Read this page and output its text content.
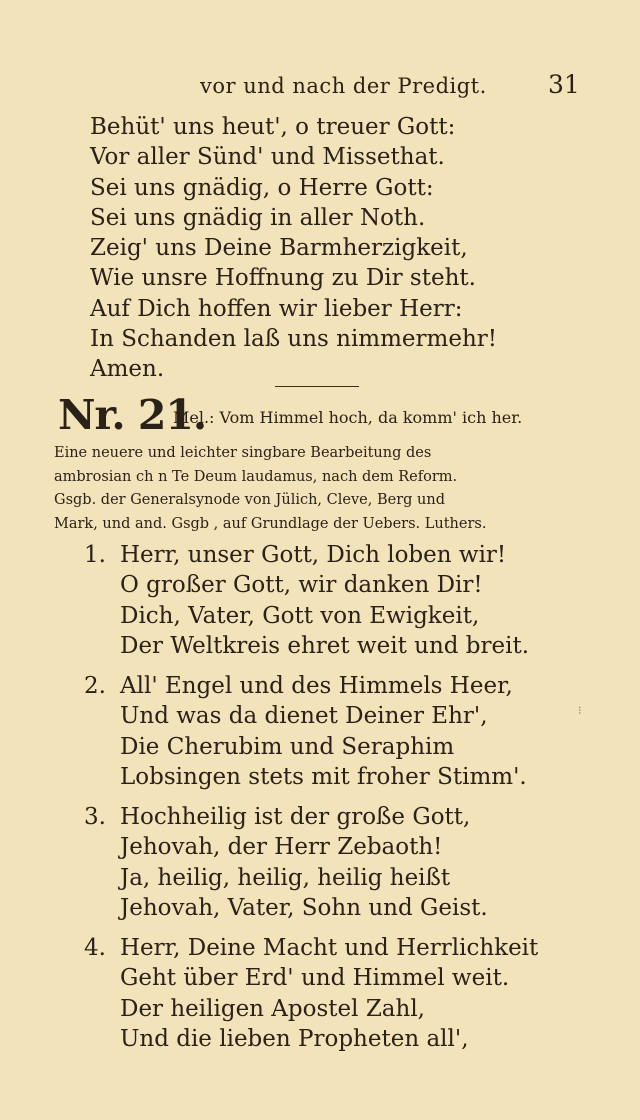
vor und nach der Predigt. 31
Behüt' uns heut', o treuer Gott:
Vor aller Sünd' und Missethat.
Sei uns gnädig, o Herre Gott:
Sei uns gnädig in aller Noth.
Zeig' uns Deine Barmherzigkeit,
Wie unsre Hoffnung zu Dir steht.
Auf Dich hoffen wir lieber Herr:
In Schanden laß uns nimmermehr!
Amen.
Nr. 21.
Mel.: Vom Himmel hoch, da komm' ich her.
Eine neuere und leichter singbare Bearbeitung des
ambrosian ch n Te Deum laudamus, nach dem Reform.
Gsgb. der Generalsynode von Jülich, Cleve, Berg und
Mark, und and. Gsgb , auf Grundlage der Uebers. Luthers.
1. Herr, unser Gott, Dich loben wir!
O großer Gott, wir danken Dir!
Dich, Vater, Gott von Ewigkeit,
Der Weltkreis ehret weit und breit.
2. All' Engel und des Himmels Heer,
Und was da dienet Deiner Ehr',
Die Cherubim und Seraphim
Lobsingen stets mit froher Stimm'.
3. Hochheilig ist der große Gott,
Jehovah, der Herr Zebaoth!
Ja, heilig, heilig, heilig heißt
Jehovah, Vater, Sohn und Geist.
4. Herr, Deine Macht und Herrlichkeit
Geht über Erd' und Himmel weit.
Der heiligen Apostel Zahl,
Und die lieben Propheten all',
⁝
